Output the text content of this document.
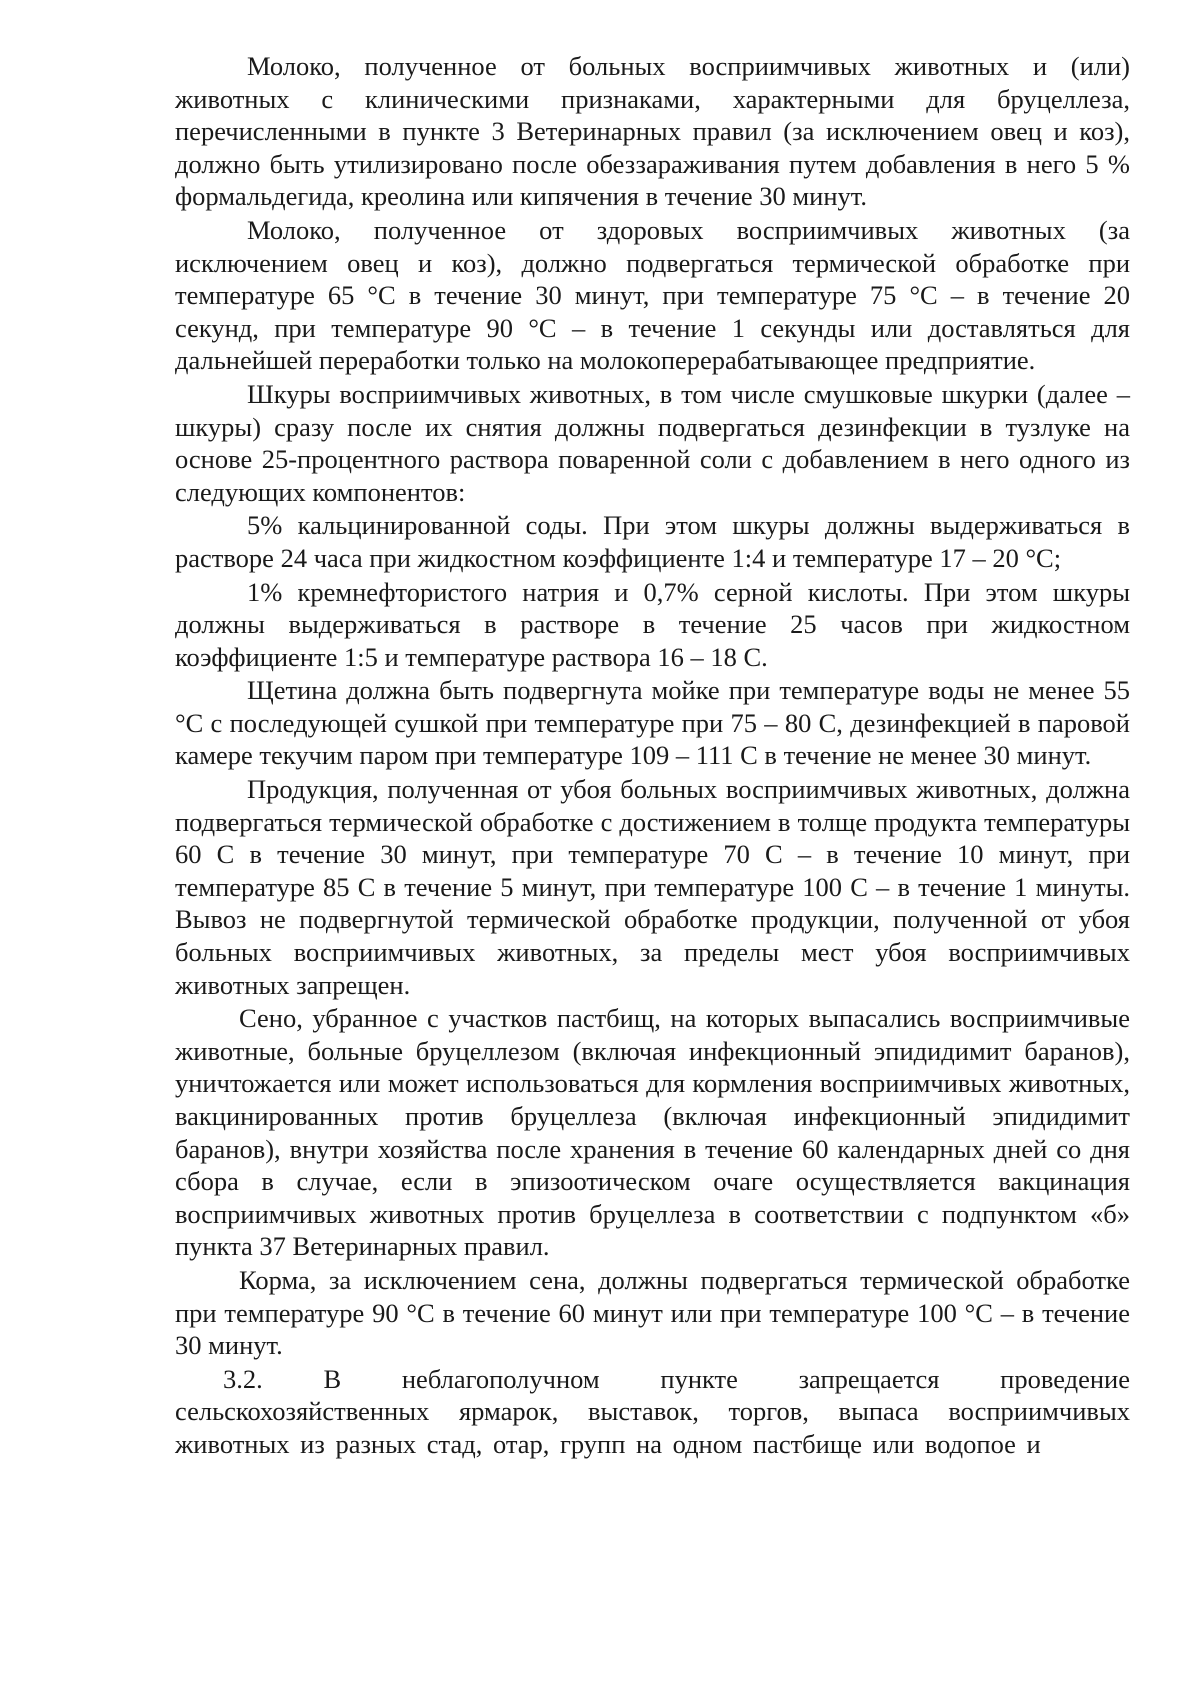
Молоко, полученное от больных восприимчивых животных и (или) животных с клиническими признаками, характерными для бруцеллеза, перечисленными в пункте 3 Ветеринарных правил (за исключением овец и коз), должно быть утилизировано после обеззараживания путем добавления в него 5 % формальдегида, креолина или кипячения в течение 30 минут.

Молоко, полученное от здоровых восприимчивых животных (за исключением овец и коз), должно подвергаться термической обработке при температуре 65 °С в течение 30 минут, при температуре 75 °С – в течение 20 секунд, при температуре 90 °С – в течение 1 секунды или доставляться для дальнейшей переработки только на молокоперерабатывающее предприятие.

Шкуры восприимчивых животных, в том числе смушковые шкурки (далее – шкуры) сразу после их снятия должны подвергаться дезинфекции в тузлуке на основе 25-процентного раствора поваренной соли с добавлением в него одного из следующих компонентов:

5% кальцинированной соды. При этом шкуры должны выдерживаться в растворе 24 часа при жидкостном коэффициенте 1:4 и температуре 17 – 20 °С;

1% кремнефтористого натрия и 0,7% серной кислоты. При этом шкуры должны выдерживаться в растворе в течение 25 часов при жидкостном коэффициенте 1:5 и температуре раствора 16 – 18 С.

Щетина должна быть подвергнута мойке при температуре воды не менее 55 °С с последующей сушкой при температуре при 75 – 80 С, дезинфекцией в паровой камере текучим паром при температуре 109 – 111 С в течение не менее 30 минут.

Продукция, полученная от убоя больных восприимчивых животных, должна подвергаться термической обработке с достижением в толще продукта температуры 60 С в течение 30 минут, при температуре 70 С – в течение 10 минут, при температуре 85 С в течение 5 минут, при температуре 100 С – в течение 1 минуты. Вывоз не подвергнутой термической обработке продукции, полученной от убоя больных восприимчивых животных, за пределы мест убоя восприимчивых животных запрещен.

Сено, убранное с участков пастбищ, на которых выпасались восприимчивые животные, больные бруцеллезом (включая инфекционный эпидидимит баранов), уничтожается или может использоваться для кормления восприимчивых животных, вакцинированных против бруцеллеза (включая инфекционный эпидидимит баранов), внутри хозяйства после хранения в течение 60 календарных дней со дня сбора в случае, если в эпизоотическом очаге осуществляется вакцинация восприимчивых животных против бруцеллеза в соответствии с подпунктом «б» пункта 37 Ветеринарных правил.

Корма, за исключением сена, должны подвергаться термической обработке при температуре 90 °С в течение 60 минут или при температуре 100 °С – в течение 30 минут.

3.2. В неблагополучном пункте запрещается проведение сельскохозяйственных ярмарок, выставок, торгов, выпаса восприимчивых животных из разных стад, отар, групп на одном пастбище или водопое и
